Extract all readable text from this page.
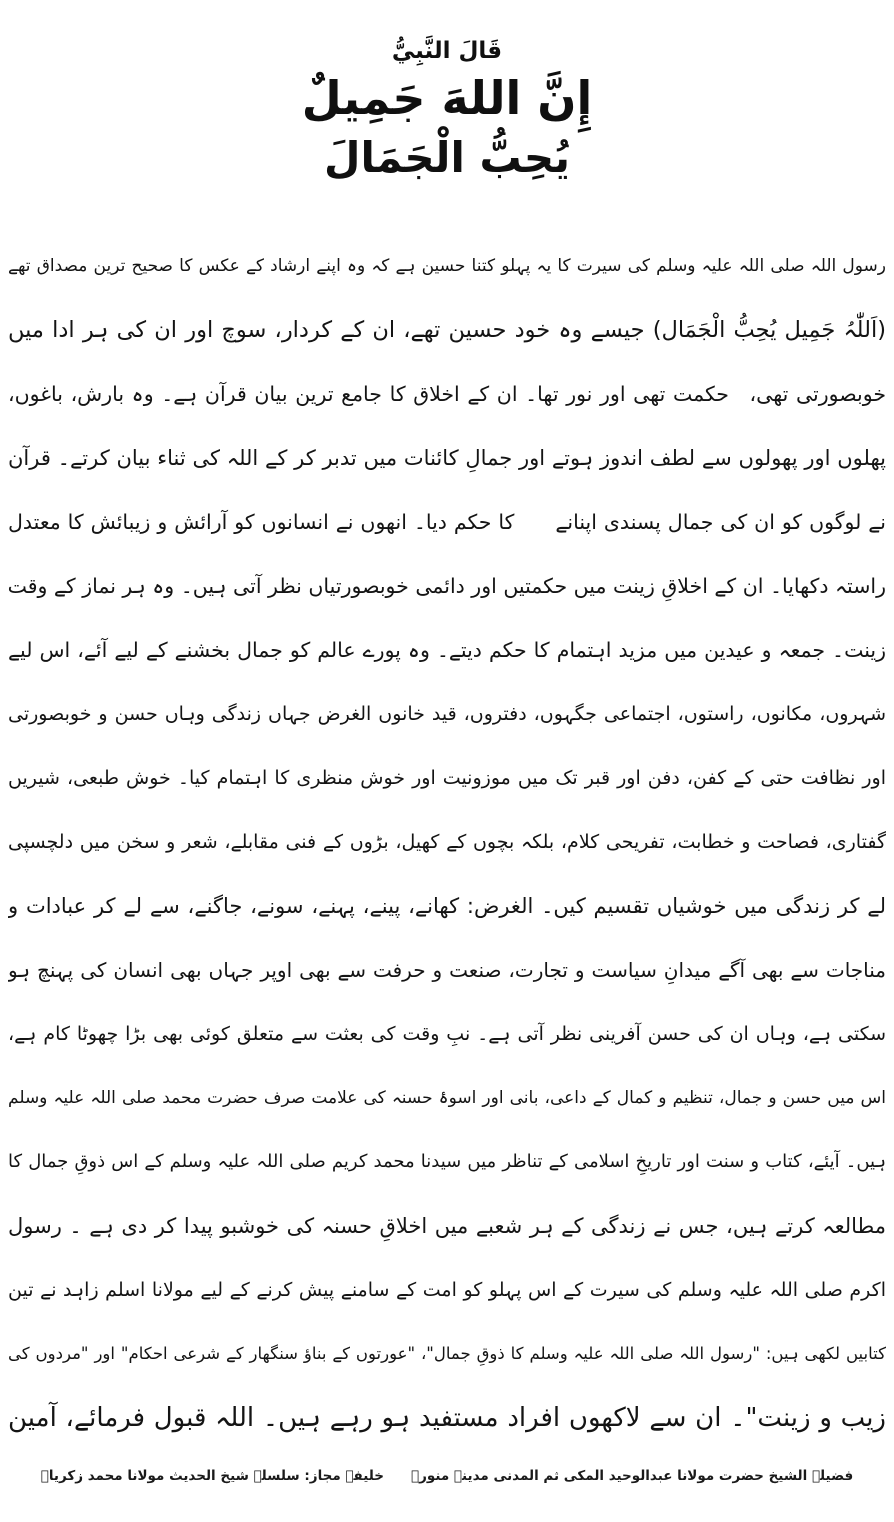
قَالَ النَّبِيُّ
إِنَّ اللهَ جَمِيلٌ
يُحِبُّ الْجَمَالَ
رسول اللہ صلی اللہ علیہ وسلم کی سیرت کا یہ پہلو کتنا حسین ہے کہ وہ اپنے ارشاد کے عکس کا صحیح ترین مصداق تھے
(اَللّٰہُ جَمِیل یُحِبُّ الْجَمَال) جیسے وہ خود حسین تھے، ان کے کردار، سوچ اور ان کی ہر ادا میں
خوبصورتی تھی، حکمت تھی اور نور تھا۔ ان کے اخلاق کا جامع ترین بیان قرآن ہے۔ وہ بارش، باغوں،
پھلوں اور پھولوں سے لطف اندوز ہوتے اور جمالِ کائنات میں تدبر کر کے اللہ کی ثناء بیان کرتے۔ قرآن
نے لوگوں کو ان کی جمال پسندی اپنانے  کا حکم دیا۔ انھوں نے انسانوں کو آرائش و زیبائش کا معتدل
راستہ دکھایا۔ ان کے اخلاقِ زینت میں حکمتیں اور دائمی خوبصورتیاں نظر آتی ہیں۔ وہ ہر نماز کے وقت
زینت۔ جمعہ و عیدین میں مزید اہتمام کا حکم دیتے۔ وہ پورے عالم کو جمال بخشنے کے لیے آئے، اس لیے
شہروں، مکانوں، راستوں، اجتماعی جگہوں، دفتروں، قید خانوں الغرض جہاں زندگی وہاں حسن و خوبصورتی
اور نظافت حتی کے کفن، دفن اور قبر تک میں موزونیت اور خوش منظری کا اہتمام کیا۔ خوش طبعی، شیریں
گفتاری، فصاحت و خطابت، تفریحی کلام، بلکہ بچوں کے کھیل، بڑوں کے فنی مقابلے، شعر و سخن میں دلچسپی
لے کر زندگی میں خوشیاں تقسیم کیں۔ الغرض: کھانے، پینے، پہنے، سونے، جاگنے، سے لے کر عبادات و
مناجات سے بھی آگے میدانِ سیاست و تجارت، صنعت و حرفت سے بھی اوپر جہاں بھی انسان کی پہنچ ہو
سکتی ہے، وہاں ان کی حسن آفرینی نظر آتی ہے۔ نبِ وقت کی بعثت سے متعلق کوئی بھی بڑا چھوٹا کام ہے،
اس میں حسن و جمال، تنظیم و کمال کے داعی، بانی اور اسوۂ حسنہ کی علامت صرف حضرت محمد صلی اللہ علیہ وسلم
ہیں۔ آیئے، کتاب و سنت اور تاریخِ اسلامی کے تناظر میں سیدنا محمد کریم صلی اللہ علیہ وسلم کے اس ذوقِ جمال کا
مطالعہ کرتے ہیں، جس نے زندگی کے ہر شعبے میں اخلاقِ حسنہ کی خوشبو پیدا کر دی ہے ۔ رسول
اکرم صلی اللہ علیہ وسلم کی سیرت کے اس پہلو کو امت کے سامنے پیش کرنے کے لیے مولانا اسلم زاہد نے تین
کتابیں لکھی ہیں: "رسول اللہ صلی اللہ علیہ وسلم کا ذوقِ جمال"، "عورتوں کے بناؤ سنگھار کے شرعی احکام" اور "مردوں کی
زیب و زینت"۔ ان سے لاکھوں افراد مستفید ہو رہے ہیں۔ اللہ قبول فرمائے، آمین
فضیلۃ الشیخ حضرت مولانا عبدالوحید المکی ثم المدنی مدینہ منورہ  خلیفہ مجاز: سلسلہ شیخ الحدیث مولانا محمد زکریاؒ
